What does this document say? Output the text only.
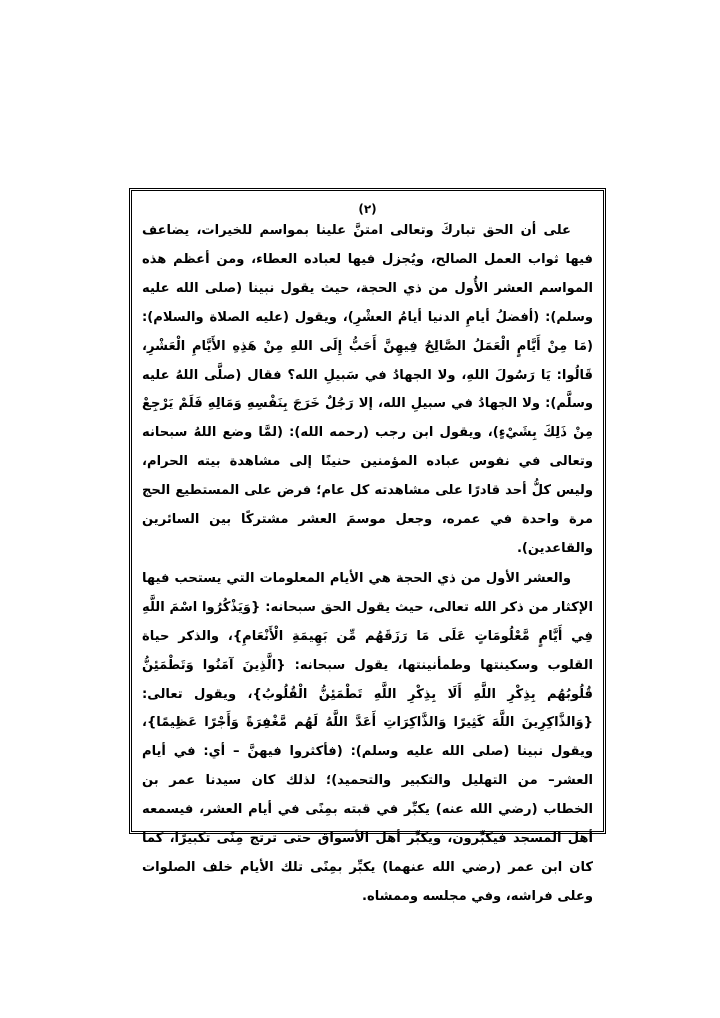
(٢)

على أن الحق تباركَ وتعالى امتنَّ علينا بمواسم للخيرات، يضاعف فيها ثواب العمل الصالح، ويُجزل فيها لعباده العطاء، ومن أعظم هذه المواسم العشر الأُول من ذي الحجة، حيث يقول نبينا (صلى الله عليه وسلم): (أفضلُ أيامِ الدنيا أيامُ العشْرِ)، ويقول (عليه الصلاة والسلام): (مَا مِنْ أَيَّامٍ الْعَمَلُ الصَّالِحُ فِيهِنَّ أَحَبُّ إِلَى اللهِ مِنْ هَذِهِ الأَيَّامِ الْعَشْرِ، قَالُوا: يَا رَسُولَ اللهِ، ولا الجهادُ في سَبيلِ الله؟ فقال (صلَّى اللهُ عليه وسلَّم): ولا الجهادُ في سبيلِ الله، إلا رَجُلٌ خَرَجَ بِنَفْسِهِ وَمَالِهِ فَلَمْ يَرْجِعْ مِنْ ذَلِكَ بِشَيْءٍ)، ويقول ابن رجب (رحمه الله): (لمَّا وضع اللهُ سبحانه وتعالى في نفوس عباده المؤمنين حنينًا إلى مشاهدة بيته الحرام، وليس كلُّ أحد قادرًا على مشاهدته كل عام؛ فرض على المستطيع الحج مرة واحدة في عمره، وجعل موسمَ العشر مشتركًا بين السائرين والقاعدين).

والعشر الأول من ذي الحجة هي الأيام المعلومات التي يستحب فيها الإكثار من ذكر الله تعالى، حيث يقول الحق سبحانه: {وَيَذْكُرُوا اسْمَ اللَّهِ فِي أَيَّامٍ مَّعْلُومَاتٍ عَلَى مَا رَزَقَهُم مِّن بَهِيمَةِ الْأَنْعَامِ}، والذكر حياة القلوب وسكينتها وطمأنينتها، يقول سبحانه: {الَّذِينَ آمَنُوا وَتَطْمَئِنُّ قُلُوبُهُم بِذِكْرِ اللَّهِ أَلَا بِذِكْرِ اللَّهِ تَطْمَئِنُّ الْقُلُوبُ}، ويقول تعالى: {وَالذَّاكِرِينَ اللَّهَ كَثِيرًا وَالذَّاكِرَاتِ أَعَدَّ اللَّهُ لَهُم مَّغْفِرَةً وَأَجْرًا عَظِيمًا}، ويقول نبينا (صلى الله عليه وسلم): (فأكثروا فيهنَّ – أي: في أيام العشر– من التهليل والتكبير والتحميد)؛ لذلك كان سيدنا عمر بن الخطاب (رضي الله عنه) يكبِّر في قبته بمِنًى في أيام العشر، فيسمعه أهل المسجد فيكبِّرون، ويكبِّر أهل الأسواق حتى ترتج مِنًى تكبيرًا، كما كان ابن عمر (رضي الله عنهما) يكبِّر بمِنًى تلك الأيام خلف الصلوات وعلى فراشه، وفي مجلسه وممشاه.
